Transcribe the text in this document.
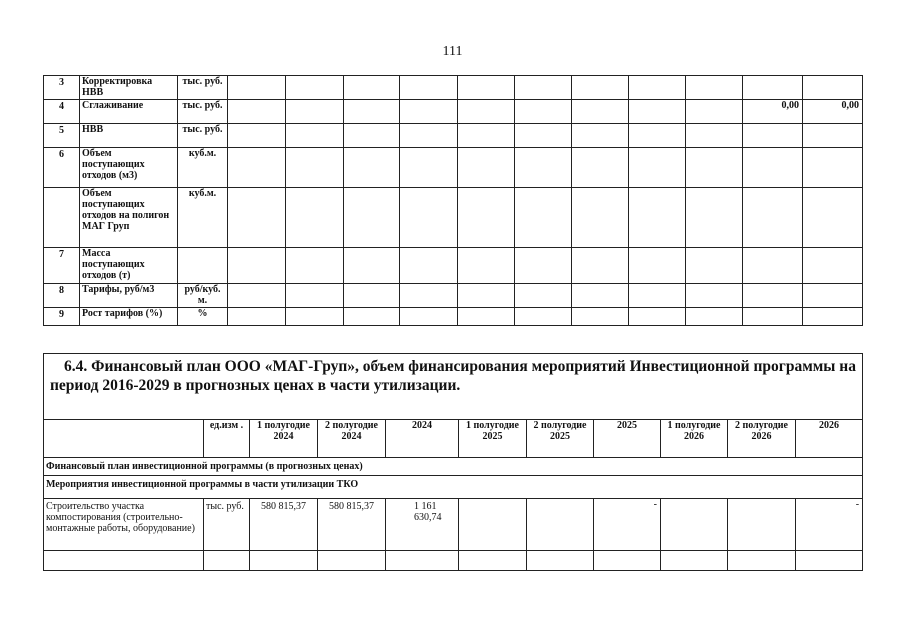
111
3	Корректировка НВВ	тыс. руб.											
4	Сглаживание	тыс. руб.										0,00	0,00
5	НВВ	тыс. руб.											
6	Объем поступающих отходов (м3)	куб.м.											
	Объем поступающих отходов на полигон МАГ Груп	куб.м.											
7	Масса поступающих отходов (т)												
8	Тарифы, руб/м3	руб/куб. м.											
9	Рост тарифов (%)	%											
6.4. Финансовый план ООО «МАГ-Груп», объем финансирования мероприятий Инвестиционной программы на период 2016-2029 в прогнозных ценах в части утилизации.										

	ед.изм .	1 полугодие 2024	2 полугодие 2024	2024	1 полугодие 2025	2 полугодие 2025	2025	1 полугодие 2026	2 полугодие 2026	2026
Финансовый план инвестиционной программы (в прогнозных ценах)										
Мероприятия инвестиционной программы в части утилизации ТКО										
Строительство участка компостирования (строительно-монтажные работы, оборудование)	тыс. руб.	580 815,37	580 815,37	1 161 630,74			-			-
